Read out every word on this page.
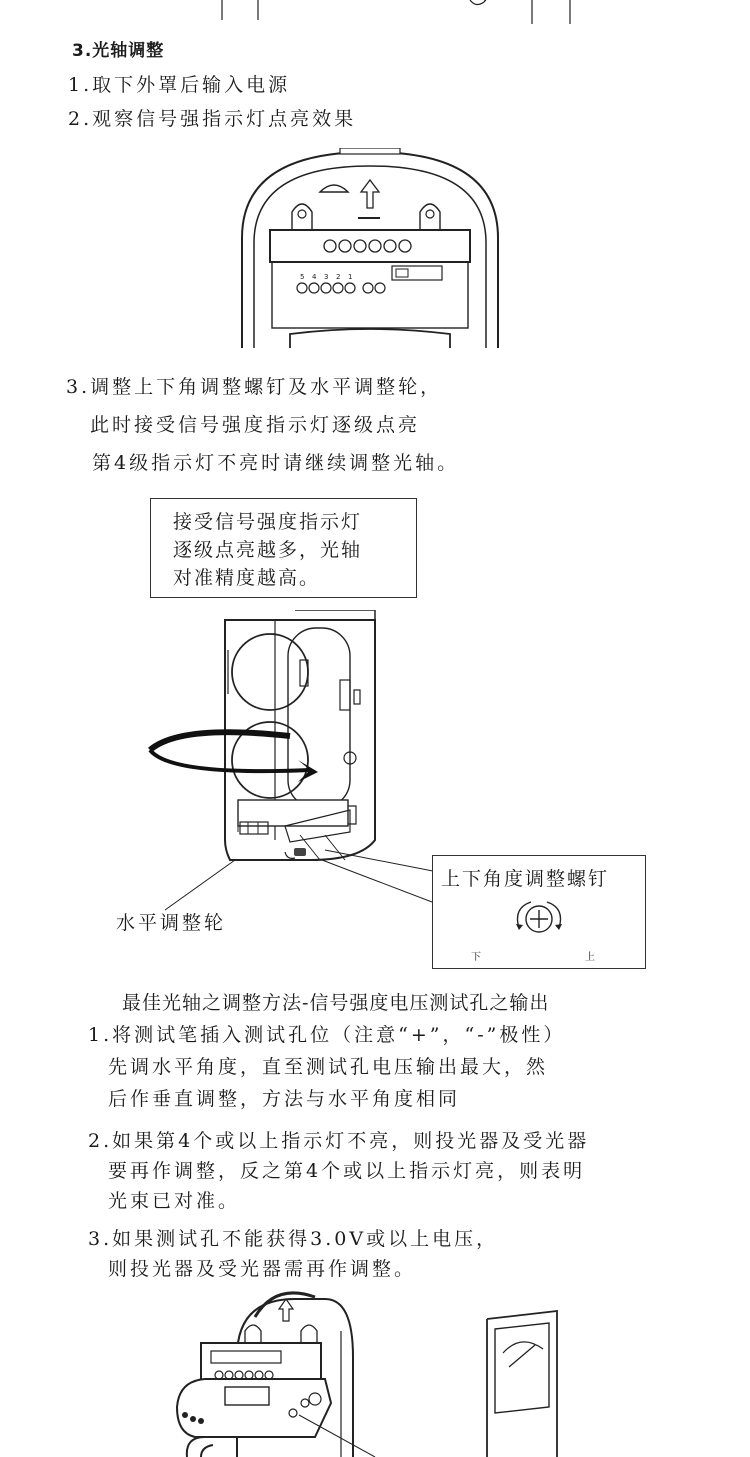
3.光轴调整
1.取下外罩后输入电源
2.观察信号强指示灯点亮效果
5 4 3 2 1
3.调整上下角调整螺钉及水平调整轮，
此时接受信号强度指示灯逐级点亮
第4级指示灯不亮时请继续调整光轴。
接受信号强度指示灯
逐级点亮越多，光轴
对准精度越高。
水平调整轮
上下角度调整螺钉
下	上
最佳光轴之调整方法-信号强度电压测试孔之输出
1.将测试笔插入测试孔位（注意“+”，“-”极性）
先调水平角度，直至测试孔电压输出最大，然
后作垂直调整，方法与水平角度相同
2.如果第4个或以上指示灯不亮，则投光器及受光器
要再作调整，反之第4个或以上指示灯亮，则表明
光束已对准。
3.如果测试孔不能获得3.0V或以上电压，
则投光器及受光器需再作调整。
